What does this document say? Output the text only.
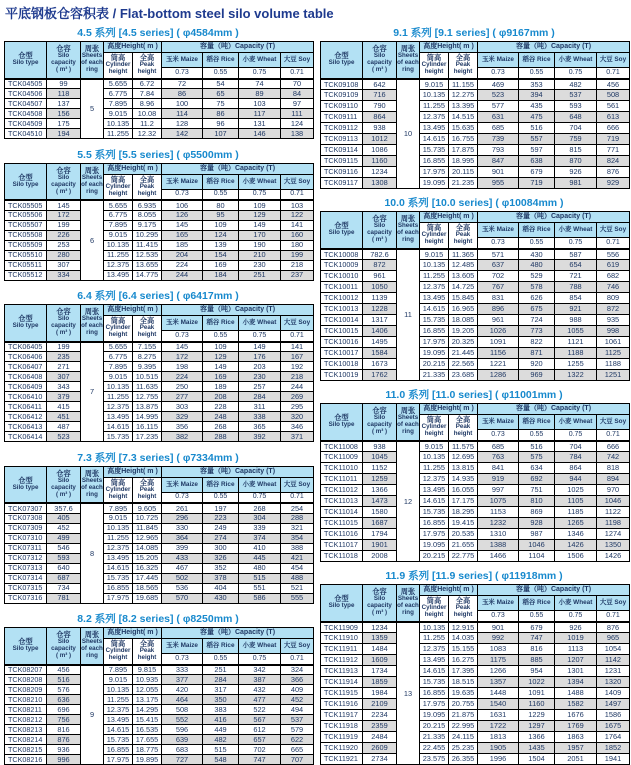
平底钢板仓容积表 / Flat-bottom steel silo volume table
4.5 系列 [4.5 series] ( φ4584mm )
仓型
Silo type	仓容
Silo
capacity
( m³ )	周张
Sheets
of each
ring	高度Height( m )		容量（吨）Capacity (T)			

			筒高
Cylinder
height	全高
Peak
height	玉米 Maize	稻谷 Rice	小麦 Wheat	大豆 Soy
					0.73	0.55	0.75	0.71
TCK04505	99	5	5.655	6.72	72	54	74	70
TCK04506	118		6.775	7.84	86	65	89	84
TCK04507	137		7.895	8.96	100	75	103	97
TCK04508	156		9.015	10.08	114	86	117	111
TCK04509	175		10.135	11.2	128	96	131	124
TCK04510	194		11.255	12.32	142	107	146	138
5.5 系列 [5.5 series] ( φ5500mm )
仓型
Silo type	仓容
Silo
capacity
( m³ )	周张
Sheets
of each
ring	高度Height( m )		容量（吨）Capacity (T)			

			筒高
Cylinder
height	全高
Peak
height	玉米 Maize	稻谷 Rice	小麦 Wheat	大豆 Soy
					0.73	0.55	0.75	0.71
TCK05505	145	6	5.655	6.935	106	80	109	103
TCK05506	172		6.775	8.055	126	95	129	122
TCK05507	199		7.895	9.175	145	109	149	141
TCK05508	226		9.015	10.295	165	124	170	160
TCK05509	253		10.135	11.415	185	139	190	180
TCK05510	280		11.255	12.535	204	154	210	199
TCK05511	307		12.375	13.655	224	169	230	218
TCK05512	334		13.495	14.775	244	184	251	237
6.4 系列 [6.4 series] ( φ6417mm )
仓型
Silo type	仓容
Silo
capacity
( m³ )	周张
Sheets
of each
ring	高度Height( m )		容量（吨）Capacity (T)			

			筒高
Cylinder
height	全高
Peak
height	玉米 Maize	稻谷 Rice	小麦 Wheat	大豆 Soy
					0.73	0.55	0.75	0.71
TCK06405	199	7	5.655	7.155	145	109	149	141
TCK06406	235		6.775	8.275	172	129	176	167
TCK06407	271		7.895	9.395	198	149	203	192
TCK06408	307		9.015	10.515	224	169	230	218
TCK06409	343		10.135	11.635	250	189	257	244
TCK06410	379		11.255	12.755	277	208	284	269
TCK06411	415		12.375	13.875	303	228	311	295
TCK06412	451		13.495	14.995	329	248	338	320
TCK06413	487		14.615	16.115	356	268	365	346
TCK06414	523		15.735	17.235	382	288	392	371
7.3 系列 [7.3 series] ( φ7334mm )
仓型
Silo type	仓容
Silo
capacity
( m³ )	周张
Sheets
of each
ring	高度Height( m )		容量（吨）Capacity (T)			

			筒高
Cylinder
height	全高
Peak
height	玉米 Maize	稻谷 Rice	小麦 Wheat	大豆 Soy
					0.73	0.55	0.75	0.71
TCK07307	357.6	8	7.895	9.605	261	197	268	254
TCK07308	405		9.015	10.725	296	223	304	288
TCK07309	452		10.135	11.845	330	249	339	321
TCK07310	499		11.255	12.965	364	274	374	354
TCK07311	546		12.375	14.085	399	300	410	388
TCK07312	593		13.495	15.205	433	326	445	421
TCK07313	640		14.615	16.325	467	352	480	454
TCK07314	687		15.735	17.445	502	378	515	488
TCK07315	734		16.855	18.565	536	404	551	521
TCK07316	781		17.975	19.685	570	430	586	555
8.2 系列 [8.2 series] ( φ8250mm )
仓型
Silo type	仓容
Silo
capacity
( m³ )	周张
Sheets
of each
ring	高度Height( m )		容量（吨）Capacity (T)			

			筒高
Cylinder
height	全高
Peak
height	玉米 Maize	稻谷 Rice	小麦 Wheat	大豆 Soy
					0.73	0.55	0.75	0.71
TCK08207	456	9	7.895	9.815	333	251	342	324
TCK08208	516		9.015	10.935	377	284	387	366
TCK08209	576		10.135	12.055	420	317	432	409
TCK08210	636		11.255	13.175	464	350	477	452
TCK08211	696		12.375	14.295	508	383	522	494
TCK08212	756		13.495	15.415	552	416	567	537
TCK08213	816		14.615	16.535	596	449	612	579
TCK08214	876		15.735	17.655	639	482	657	622
TCK08215	936		16.855	18.775	683	515	702	665
TCK08216	996		17.975	19.895	727	548	747	707
9.1 系列 [9.1 series] ( φ9167mm )
仓型
Silo type	仓容
Silo
capacity
( m³ )	周张
Sheets
of each
ring	高度Height( m )		容量（吨）Capacity (T)			

			筒高
Cylinder
height	全高
Peak
height	玉米 Maize	稻谷 Rice	小麦 Wheat	大豆 Soy
					0.73	0.55	0.75	0.71
TCK09108	642	10	9.015	11.155	469	353	482	456
TCK09109	716		10.135	12.275	523	394	537	508
TCK09110	790		11.255	13.395	577	435	593	561
TCK09111	864		12.375	14.515	631	475	648	613
TCK09112	938		13.495	15.635	685	516	704	666
TCK09113	1012		14.615	16.755	739	557	759	719
TCK09114	1086		15.735	17.875	793	597	815	771
TCK09115	1160		16.855	18.995	847	638	870	824
TCK09116	1234		17.975	20.115	901	679	926	876
TCK09117	1308		19.095	21.235	955	719	981	929
10.0 系列 [10.0 series] ( φ10084mm )
仓型
Silo type	仓容
Silo
capacity
( m³ )	周张
Sheets
of each
ring	高度Height( m )		容量（吨）Capacity (T)			

			筒高
Cylinder
height	全高
Peak
height	玉米 Maize	稻谷 Rice	小麦 Wheat	大豆 Soy
					0.73	0.55	0.75	0.71
TCK10008	782.6	11	9.015	11.365	571	430	587	556
TCK10009	872		10.135	12.485	637	480	654	619
TCK10010	961		11.255	13.605	702	529	721	682
TCK10011	1050		12.375	14.725	767	578	788	746
TCK10012	1139		13.495	15.845	831	626	854	809
TCK10013	1228		14.615	16.965	896	675	921	872
TCK10014	1317		15.735	18.085	961	724	988	935
TCK10015	1406		16.855	19.205	1026	773	1055	998
TCK10016	1495		17.975	20.325	1091	822	1121	1061
TCK10017	1584		19.095	21.445	1156	871	1188	1125
TCK10018	1673		20.215	22.565	1221	920	1255	1188
TCK10019	1762		21.335	23.685	1286	969	1322	1251
11.0 系列 [11.0 series] ( φ11001mm )
仓型
Silo type	仓容
Silo
capacity
( m³ )	周张
Sheets
of each
ring	高度Height( m )		容量（吨）Capacity (T)			

			筒高
Cylinder
height	全高
Peak
height	玉米 Maize	稻谷 Rice	小麦 Wheat	大豆 Soy
					0.73	0.55	0.75	0.71
TCK11008	938	12	9.015	11.575	685	516	704	666
TCK11009	1045		10.135	12.695	763	575	784	742
TCK11010	1152		11.255	13.815	841	634	864	818
TCK11011	1259		12.375	14.935	919	692	944	894
TCK11012	1366		13.495	16.055	997	751	1025	970
TCK11013	1473		14.615	17.175	1075	810	1105	1046
TCK11014	1580		15.735	18.295	1153	869	1185	1122
TCK11015	1687		16.855	19.415	1232	928	1265	1198
TCK11016	1794		17.975	20.535	1310	987	1346	1274
TCK11017	1901		19.095	21.655	1388	1046	1426	1350
TCK11018	2008		20.215	22.775	1466	1104	1506	1426
11.9 系列 [11.9 series] ( φ11918mm )
仓型
Silo type	仓容
Silo
capacity
( m³ )	周张
Sheets
of each
ring	高度Height( m )		容量（吨）Capacity (T)			

			筒高
Cylinder
height	全高
Peak
height	玉米 Maize	稻谷 Rice	小麦 Wheat	大豆 Soy
					0.73	0.55	0.75	0.71
TCK11909	1234	13	10.135	12.915	901	679	926	876
TCK11910	1359		11.255	14.035	992	747	1019	965
TCK11911	1484		12.375	15.155	1083	816	1113	1054
TCK11912	1609		13.495	16.275	1175	885	1207	1142
TCK11913	1734		14.615	17.395	1266	954	1301	1231
TCK11914	1859		15.735	18.515	1357	1022	1394	1320
TCK11915	1984		16.855	19.635	1448	1091	1488	1409
TCK11916	2109		17.975	20.755	1540	1160	1582	1497
TCK11917	2234		19.095	21.875	1631	1229	1676	1586
TCK11918	2359		20.215	22.995	1722	1297	1769	1675
TCK11919	2484		21.335	24.115	1813	1366	1863	1764
TCK11920	2609		22.455	25.235	1905	1435	1957	1852
TCK11921	2734		23.575	26.355	1996	1504	2051	1941
